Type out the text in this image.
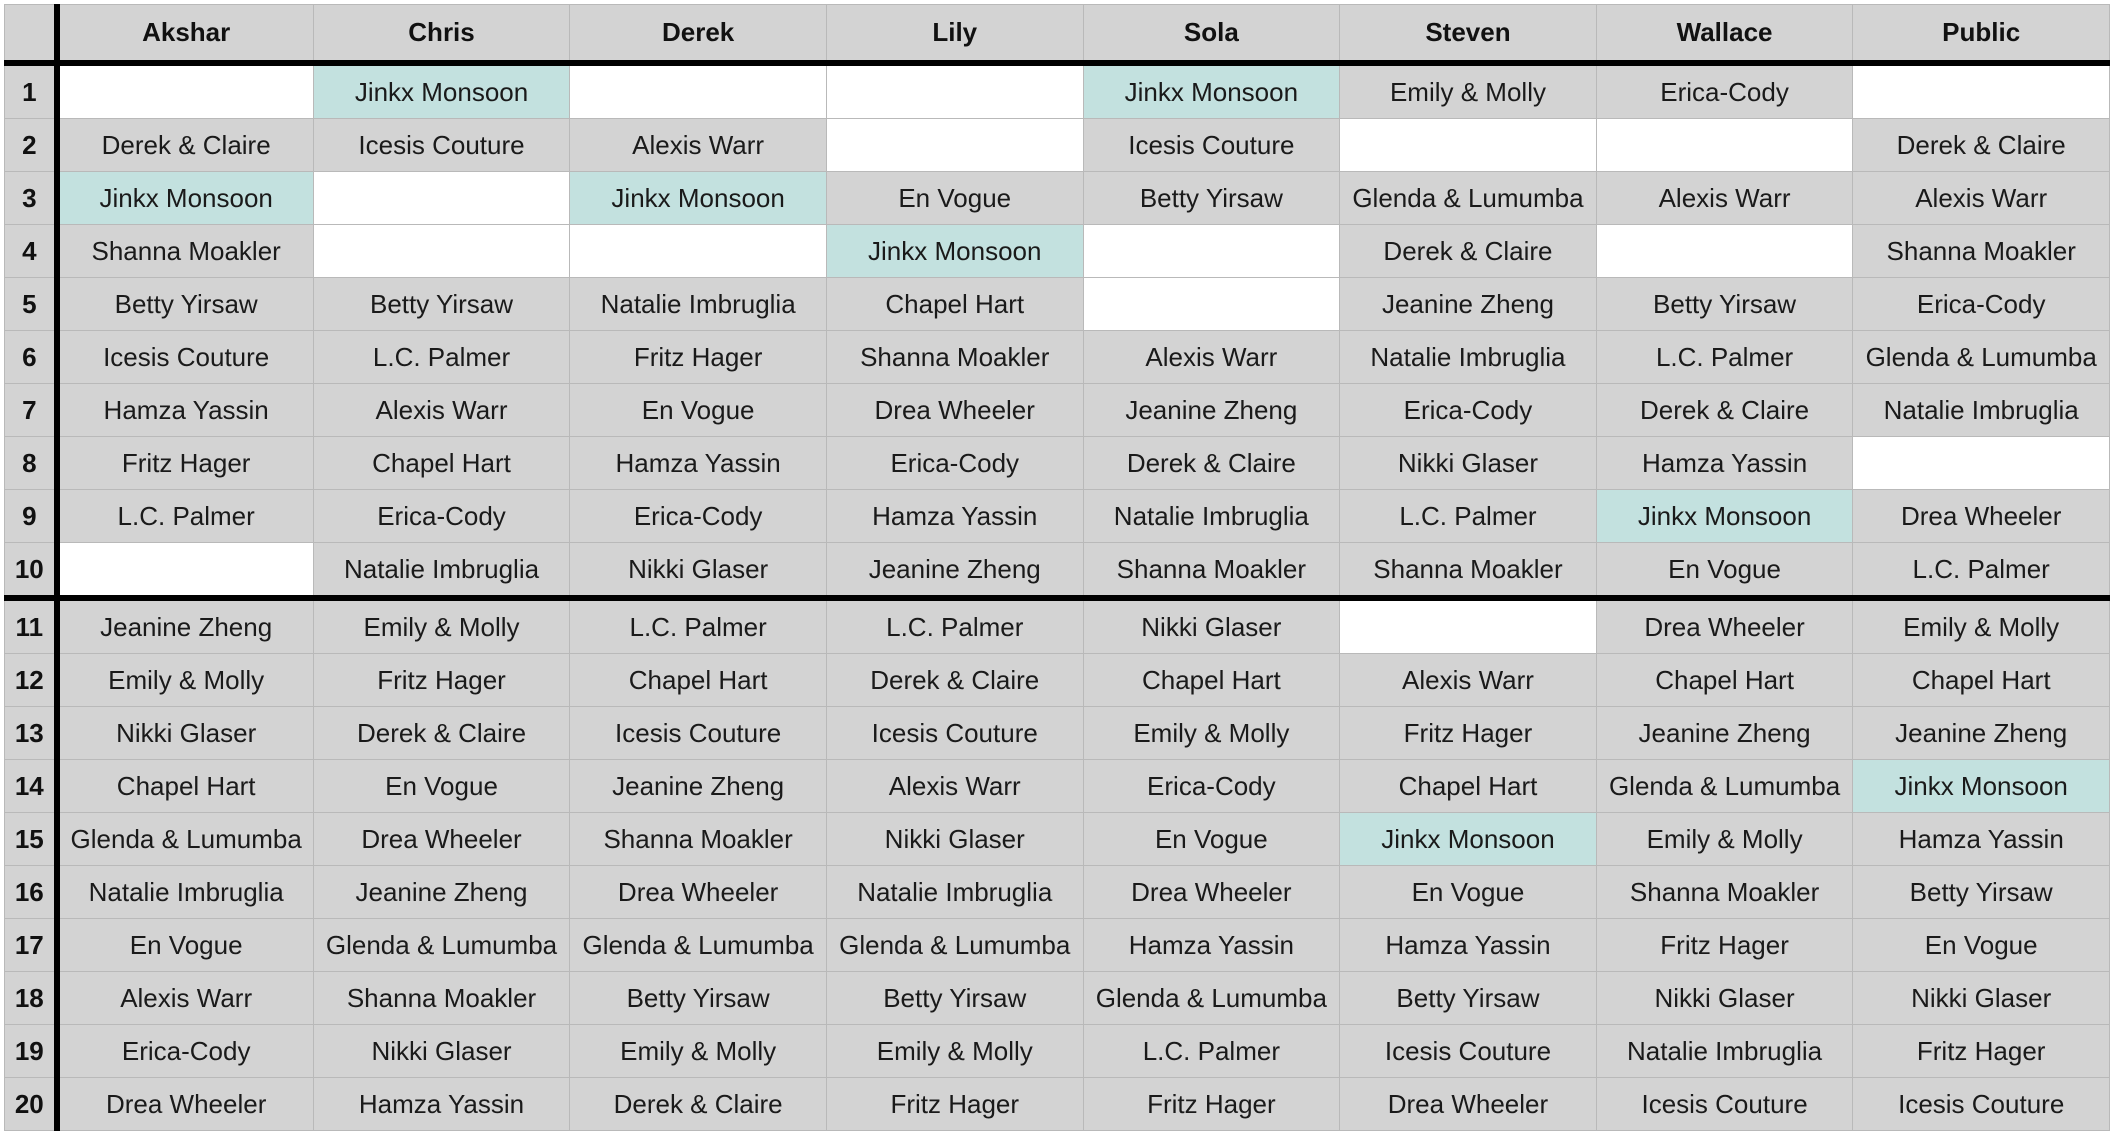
	Akshar	Chris	Derek	Lily	Sola	Steven	Wallace	Public
1		Jinkx Monsoon			Jinkx Monsoon	Emily & Molly	Erica-Cody	
2	Derek & Claire	Icesis Couture	Alexis Warr		Icesis Couture			Derek & Claire
3	Jinkx Monsoon		Jinkx Monsoon	En Vogue	Betty Yirsaw	Glenda & Lumumba	Alexis Warr	Alexis Warr
4	Shanna Moakler			Jinkx Monsoon		Derek & Claire		Shanna Moakler
5	Betty Yirsaw	Betty Yirsaw	Natalie Imbruglia	Chapel Hart		Jeanine Zheng	Betty Yirsaw	Erica-Cody
6	Icesis Couture	L.C. Palmer	Fritz Hager	Shanna Moakler	Alexis Warr	Natalie Imbruglia	L.C. Palmer	Glenda & Lumumba
7	Hamza Yassin	Alexis Warr	En Vogue	Drea Wheeler	Jeanine Zheng	Erica-Cody	Derek & Claire	Natalie Imbruglia
8	Fritz Hager	Chapel Hart	Hamza Yassin	Erica-Cody	Derek & Claire	Nikki Glaser	Hamza Yassin	
9	L.C. Palmer	Erica-Cody	Erica-Cody	Hamza Yassin	Natalie Imbruglia	L.C. Palmer	Jinkx Monsoon	Drea Wheeler
10		Natalie Imbruglia	Nikki Glaser	Jeanine Zheng	Shanna Moakler	Shanna Moakler	En Vogue	L.C. Palmer
11	Jeanine Zheng	Emily & Molly	L.C. Palmer	L.C. Palmer	Nikki Glaser		Drea Wheeler	Emily & Molly
12	Emily & Molly	Fritz Hager	Chapel Hart	Derek & Claire	Chapel Hart	Alexis Warr	Chapel Hart	Chapel Hart
13	Nikki Glaser	Derek & Claire	Icesis Couture	Icesis Couture	Emily & Molly	Fritz Hager	Jeanine Zheng	Jeanine Zheng
14	Chapel Hart	En Vogue	Jeanine Zheng	Alexis Warr	Erica-Cody	Chapel Hart	Glenda & Lumumba	Jinkx Monsoon
15	Glenda & Lumumba	Drea Wheeler	Shanna Moakler	Nikki Glaser	En Vogue	Jinkx Monsoon	Emily & Molly	Hamza Yassin
16	Natalie Imbruglia	Jeanine Zheng	Drea Wheeler	Natalie Imbruglia	Drea Wheeler	En Vogue	Shanna Moakler	Betty Yirsaw
17	En Vogue	Glenda & Lumumba	Glenda & Lumumba	Glenda & Lumumba	Hamza Yassin	Hamza Yassin	Fritz Hager	En Vogue
18	Alexis Warr	Shanna Moakler	Betty Yirsaw	Betty Yirsaw	Glenda & Lumumba	Betty Yirsaw	Nikki Glaser	Nikki Glaser
19	Erica-Cody	Nikki Glaser	Emily & Molly	Emily & Molly	L.C. Palmer	Icesis Couture	Natalie Imbruglia	Fritz Hager
20	Drea Wheeler	Hamza Yassin	Derek & Claire	Fritz Hager	Fritz Hager	Drea Wheeler	Icesis Couture	Icesis Couture
